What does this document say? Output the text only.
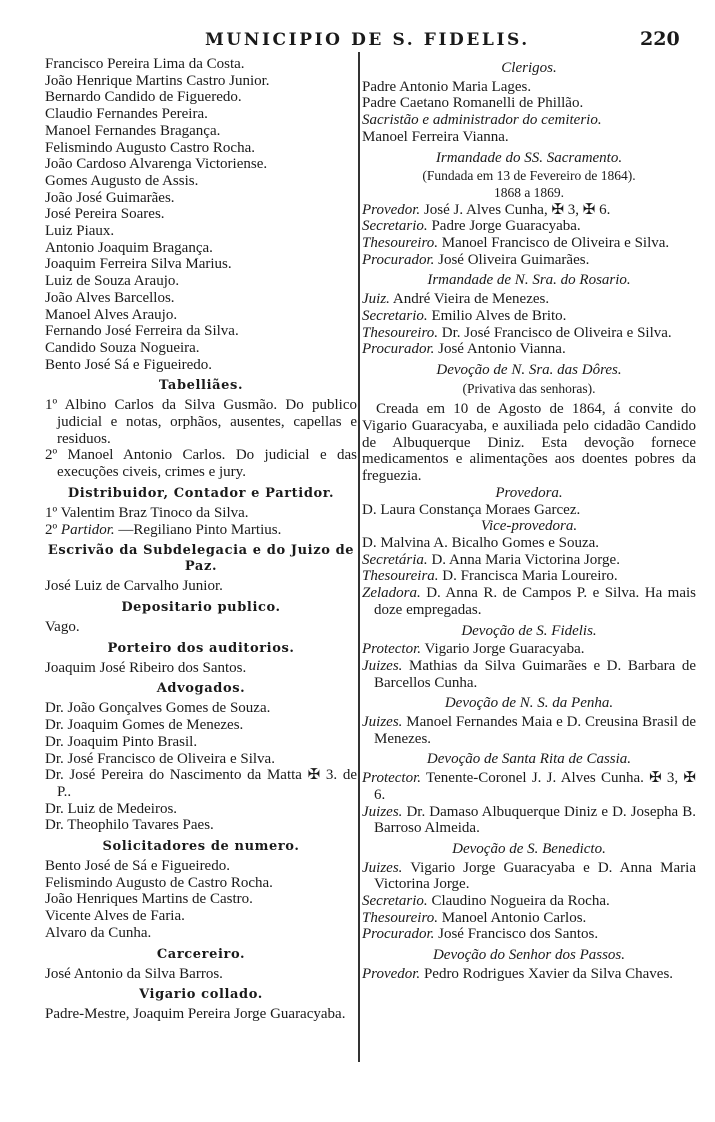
MUNICIPIO DE S. FIDELIS.	220
Francisco Pereira Lima da Costa.
João Henrique Martins Castro Junior.
Bernardo Candido de Figueredo.
Claudio Fernandes Pereira.
Manoel Fernandes Bragança.
Felismindo Augusto Castro Rocha.
João Cardoso Alvarenga Victoriense.
Gomes Augusto de Assis.
João José Guimarães.
José Pereira Soares.
Luiz Piaux.
Antonio Joaquim Bragança.
Joaquim Ferreira Silva Marius.
Luiz de Souza Araujo.
João Alves Barcellos.
Manoel Alves Araujo.
Fernando José Ferreira da Silva.
Candido Souza Nogueira.
Bento José Sá e Figueiredo.
Tabelliães.
1º Albino Carlos da Silva Gusmão. Do publico judicial e notas, orphãos, ausentes, capellas e residuos.
2º Manoel Antonio Carlos. Do judicial e das execuções civeis, crimes e jury.
Distribuidor, Contador e Partidor.
1º Valentim Braz Tinoco da Silva.
2º Partidor. —Regiliano Pinto Martius.
Escrivão da Subdelegacia e do Juizo de Paz.
José Luiz de Carvalho Junior.
Depositario publico.
Vago.
Porteiro dos auditorios.
Joaquim José Ribeiro dos Santos.
Advogados.
Dr. João Gonçalves Gomes de Souza.
Dr. Joaquim Gomes de Menezes.
Dr. Joaquim Pinto Brasil.
Dr. José Francisco de Oliveira e Silva.
Dr. José Pereira do Nascimento da Matta ✠ 3. de P..
Dr. Luiz de Medeiros.
Dr. Theophilo Tavares Paes.
Solicitadores de numero.
Bento José de Sá e Figueiredo.
Felismindo Augusto de Castro Rocha.
João Henriques Martins de Castro.
Vicente Alves de Faria.
Alvaro da Cunha.
Carcereiro.
José Antonio da Silva Barros.
Vigario collado.
Padre-Mestre, Joaquim Pereira Jorge Guaracyaba.
Clerigos.
Padre Antonio Maria Lages.
Padre Caetano Romanelli de Phillão.
Sacristão e administrador do cemiterio.
Manoel Ferreira Vianna.
Irmandade do SS. Sacramento.
(Fundada em 13 de Fevereiro de 1864).
1868 a 1869.
Provedor. José J. Alves Cunha, ✠ 3, ✠ 6.
Secretario. Padre Jorge Guaracyaba.
Thesoureiro. Manoel Francisco de Oliveira e Silva.
Procurador. José Oliveira Guimarães.
Irmandade de N. Sra. do Rosario.
Juiz. André Vieira de Menezes.
Secretario. Emilio Alves de Brito.
Thesoureiro. Dr. José Francisco de Oliveira e Silva.
Procurador. José Antonio Vianna.
Devoção de N. Sra. das Dôres.
(Privativa das senhoras).
Creada em 10 de Agosto de 1864, á convite do Vigario Guaracyaba, e auxiliada pelo cidadão Candido de Albuquerque Diniz. Esta devoção fornece medicamentos e alimentações aos doentes pobres da freguezia.
Provedora.
D. Laura Constança Moraes Garcez.
Vice-provedora.
D. Malvina A. Bicalho Gomes e Souza.
Secretária. D. Anna Maria Victorina Jorge.
Thesoureira. D. Francisca Maria Loureiro.
Zeladora. D. Anna R. de Campos P. e Silva. Ha mais doze empregadas.
Devoção de S. Fidelis.
Protector. Vigario Jorge Guaracyaba.
Juizes. Mathias da Silva Guimarães e D. Barbara de Barcellos Cunha.
Devoção de N. S. da Penha.
Juizes. Manoel Fernandes Maia e D. Creusina Brasil de Menezes.
Devoção de Santa Rita de Cassia.
Protector. Tenente-Coronel J. J. Alves Cunha. ✠ 3, ✠ 6.
Juizes. Dr. Damaso Albuquerque Diniz e D. Josepha B. Barroso Almeida.
Devoção de S. Benedicto.
Juizes. Vigario Jorge Guaracyaba e D. Anna Maria Victorina Jorge.
Secretario. Claudino Nogueira da Rocha.
Thesoureiro. Manoel Antonio Carlos.
Procurador. José Francisco dos Santos.
Devoção do Senhor dos Passos.
Provedor. Pedro Rodrigues Xavier da Silva Chaves.
